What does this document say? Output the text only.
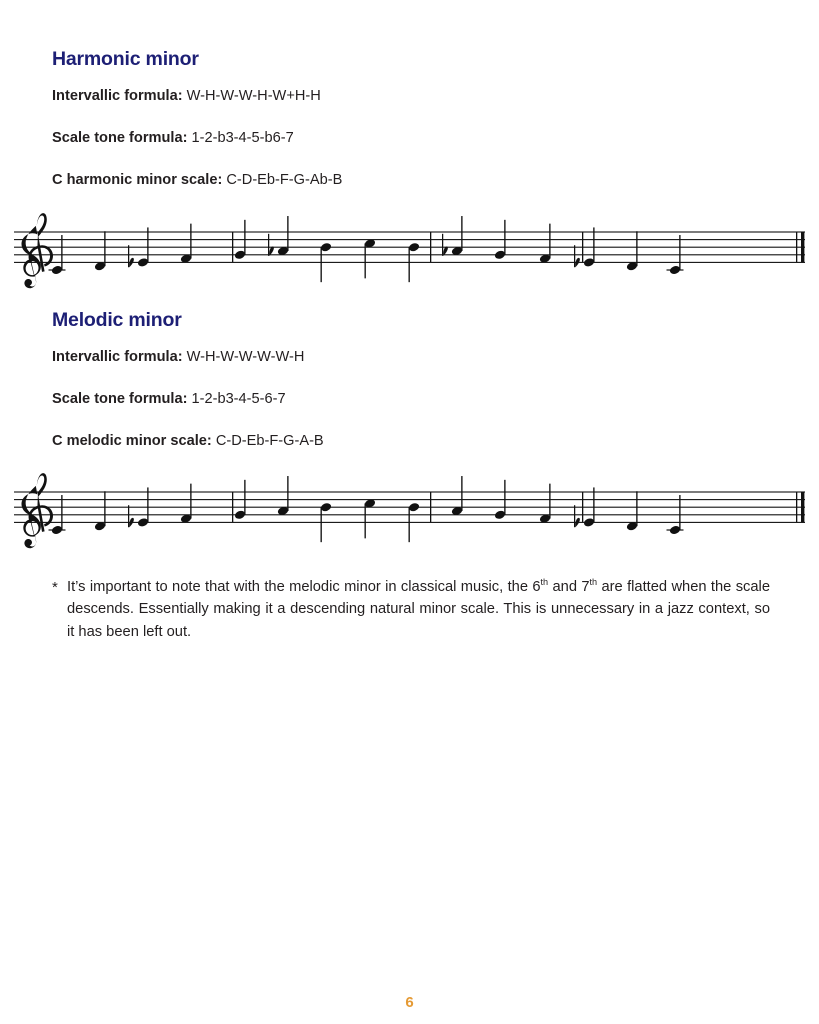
Harmonic minor
Intervallic formula: W-H-W-W-H-W+H-H
Scale tone formula: 1-2-b3-4-5-b6-7
C harmonic minor scale: C-D-Eb-F-G-Ab-B
Melodic minor
Intervallic formula: W-H-W-W-W-W-H
Scale tone formula: 1-2-b3-4-5-6-7
C melodic minor scale: C-D-Eb-F-G-A-B
* It’s important to note that with the melodic minor in classical music, the 6th and 7th are flatted when the scale descends. Essentially making it a descending natural minor scale. This is unnecessary in a jazz context, so it has been left out.
6
